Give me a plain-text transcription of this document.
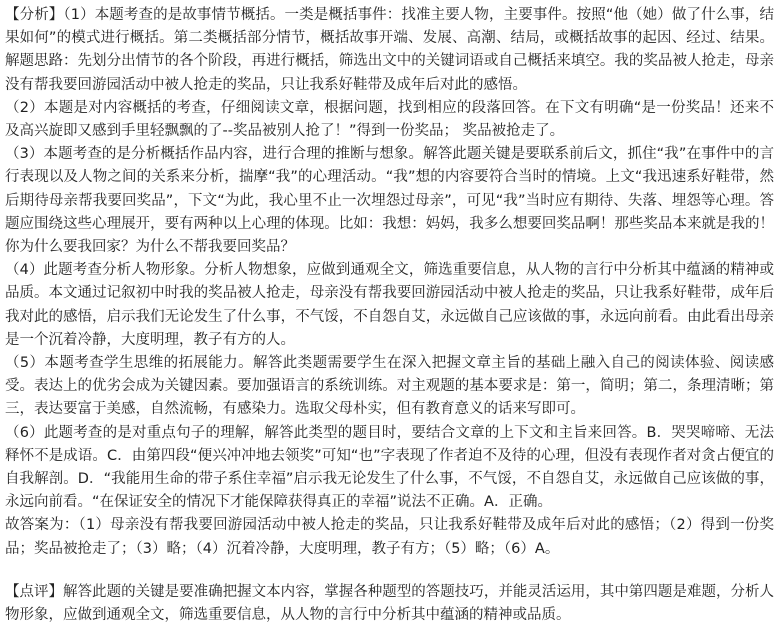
【分析】（1）本题考查的是故事情节概括。一类是概括事件：找准主要人物，主要事件。按照“他（她）做了什么事，结果如何”的模式进行概括。第二类概括部分情节，概括故事开端、发展、高潮、结局，或概括故事的起因、经过、结果。解题思路：先划分出情节的各个阶段，再进行概括，筛选出文中的关键词语或自己概括来填空。我的奖品被人抢走，母亲没有帮我要回游园活动中被人抢走的奖品，只让我系好鞋带及成年后对此的感悟。

（2）本题是对内容概括的考查，仔细阅读文章，根据问题，找到相应的段落回答。在下文有明确“是一份奖品！还来不及高兴旋即又感到手里轻飘飘的了--奖品被别人抢了！”得到一份奖品； 奖品被抢走了。

（3）本题考查的是分析概括作品内容，进行合理的推断与想象。解答此题关键是要联系前后文，抓住“我”在事件中的言行表现以及人物之间的关系来分析，揣摩“我”的心理活动。“我”想的内容要符合当时的情境。上文“我迅速系好鞋带，然后期待母亲帮我要回奖品”，下文“为此，我心里不止一次埋怨过母亲”，可见“我”当时应有期待、失落、埋怨等心理。答题应围绕这些心理展开，要有两种以上心理的体现。比如：我想：妈妈，我多么想要回奖品啊！那些奖品本来就是我的！你为什么要我回家？为什么不帮我要回奖品？

（4）此题考查分析人物形象。分析人物想象，应做到通观全文，筛选重要信息，从人物的言行中分析其中蕴涵的精神或品质。本文通过记叙初中时我的奖品被人抢走，母亲没有帮我要回游园活动中被人抢走的奖品，只让我系好鞋带，成年后我对此的感悟，启示我们无论发生了什么事，不气馁，不自怨自艾，永远做自己应该做的事，永远向前看。由此看出母亲是一个沉着冷静，大度明理，教子有方的人。

（5）本题考查学生思维的拓展能力。解答此类题需要学生在深入把握文章主旨的基础上融入自己的阅读体验、阅读感受。表达上的优劣会成为关键因素。要加强语言的系统训练。对主观题的基本要求是：第一，简明；第二，条理清晰；第三，表达要富于美感，自然流畅，有感染力。选取父母朴实，但有教育意义的话来写即可。

（6）此题考查的是对重点句子的理解，解答此类型的题目时，要结合文章的上下文和主旨来回答。B．哭哭啼啼、无法释怀不是成语。C．由第四段“便兴冲冲地去领奖”可知“也”字表现了作者迫不及待的心理，但没有表现作者对贪占便宜的自我解剖。D．“我能用生命的带子系住幸福”启示我无论发生了什么事，不气馁，不自怨自艾，永远做自己应该做的事，永远向前看。“在保证安全的情况下才能保障获得真正的幸福”说法不正确。A．正确。

故答案为：（1）母亲没有帮我要回游园活动中被人抢走的奖品，只让我系好鞋带及成年后对此的感悟；（2）得到一份奖品；奖品被抢走了；（3）略；（4）沉着冷静，大度明理，教子有方；（5）略；（6）A。

【点评】解答此题的关键是要准确把握文本内容，掌握各种题型的答题技巧，并能灵活运用，其中第四题是难题，分析人物形象，应做到通观全文，筛选重要信息，从人物的言行中分析其中蕴涵的精神或品质。
